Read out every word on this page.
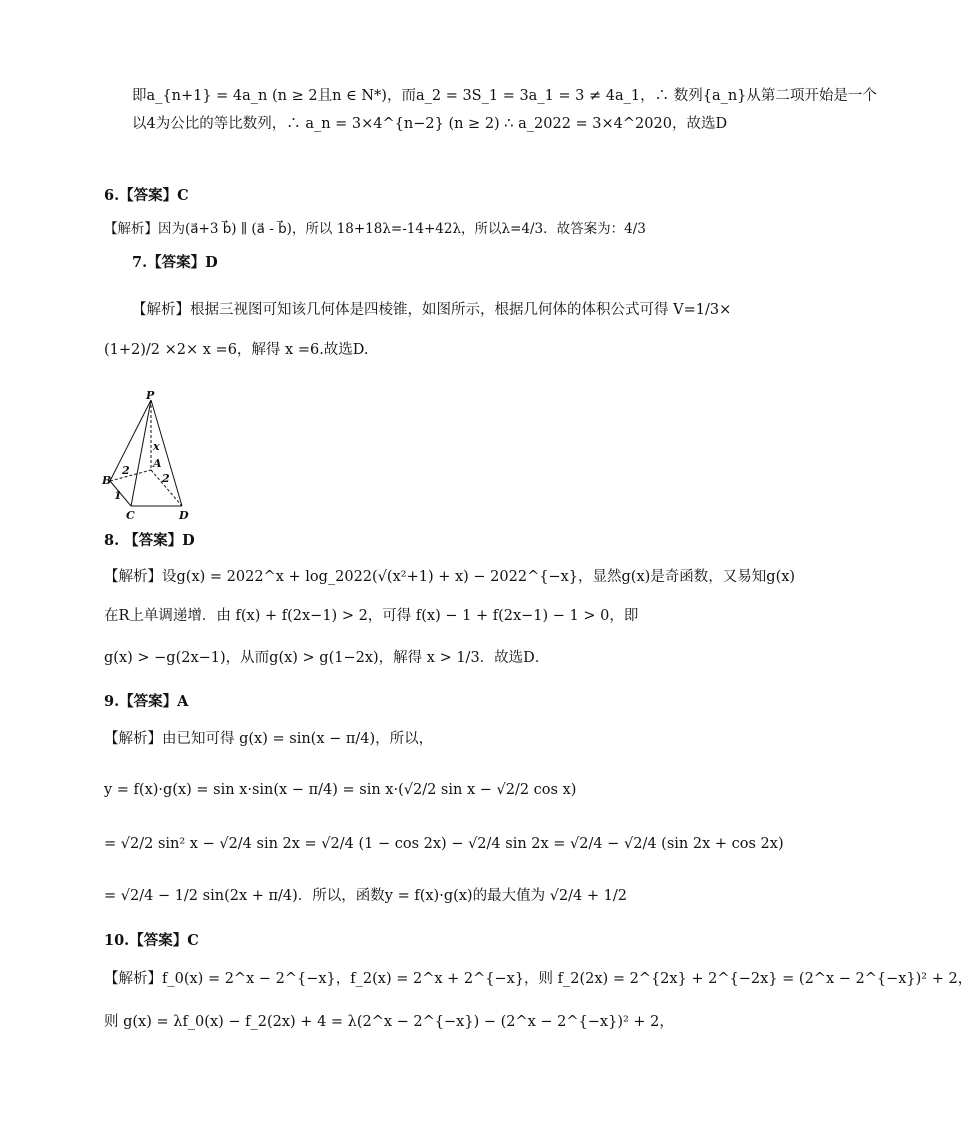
即a_{n+1} = 4a_n (n ≥ 2且n ∈ N*)，而a_2 = 3S_1 = 3a_1 = 3 ≠ 4a_1，∴ 数列{a_n}从第二项开始是一个
以4为公比的等比数列，∴ a_n = 3×4^{n−2} (n ≥ 2) ∴ a_2022 = 3×4^2020，故选D
6.【答案】C
【解析】因为(a⃗+3 b⃗) ∥ (a⃗ - b⃗)，所以 18+18λ=-14+42λ，所以λ=4/3．故答案为：4/3
7.【答案】D
【解析】根据三视图可知该几何体是四棱锥，如图所示，根据几何体的体积公式可得 V=1/3×
(1+2)/2 ×2× x =6，解得 x =6.故选D.
P
A
B
C	D
x
2
2
1
8. 【答案】D
【解析】设g(x) = 2022^x + log_2022(√(x²+1) + x) − 2022^{−x}，显然g(x)是奇函数，又易知g(x)
在R上单调递增．由 f(x) + f(2x−1) > 2，可得 f(x) − 1 + f(2x−1) − 1 > 0，即
g(x) > −g(2x−1)，从而g(x) > g(1−2x)，解得 x > 1/3．故选D．
9.【答案】A
【解析】由已知可得 g(x) = sin(x − π/4)，所以，
y = f(x)·g(x) = sin x·sin(x − π/4) = sin x·(√2/2 sin x − √2/2 cos x)
= √2/2 sin² x − √2/4 sin 2x = √2/4 (1 − cos 2x) − √2/4 sin 2x = √2/4 − √2/4 (sin 2x + cos 2x)
= √2/4 − 1/2 sin(2x + π/4)．所以，函数y = f(x)·g(x)的最大值为 √2/4 + 1/2
10.【答案】C
【解析】f_0(x) = 2^x − 2^{−x}，f_2(x) = 2^x + 2^{−x}，则 f_2(2x) = 2^{2x} + 2^{−2x} = (2^x − 2^{−x})² + 2，
则 g(x) = λf_0(x) − f_2(2x) + 4 = λ(2^x − 2^{−x}) − (2^x − 2^{−x})² + 2，
